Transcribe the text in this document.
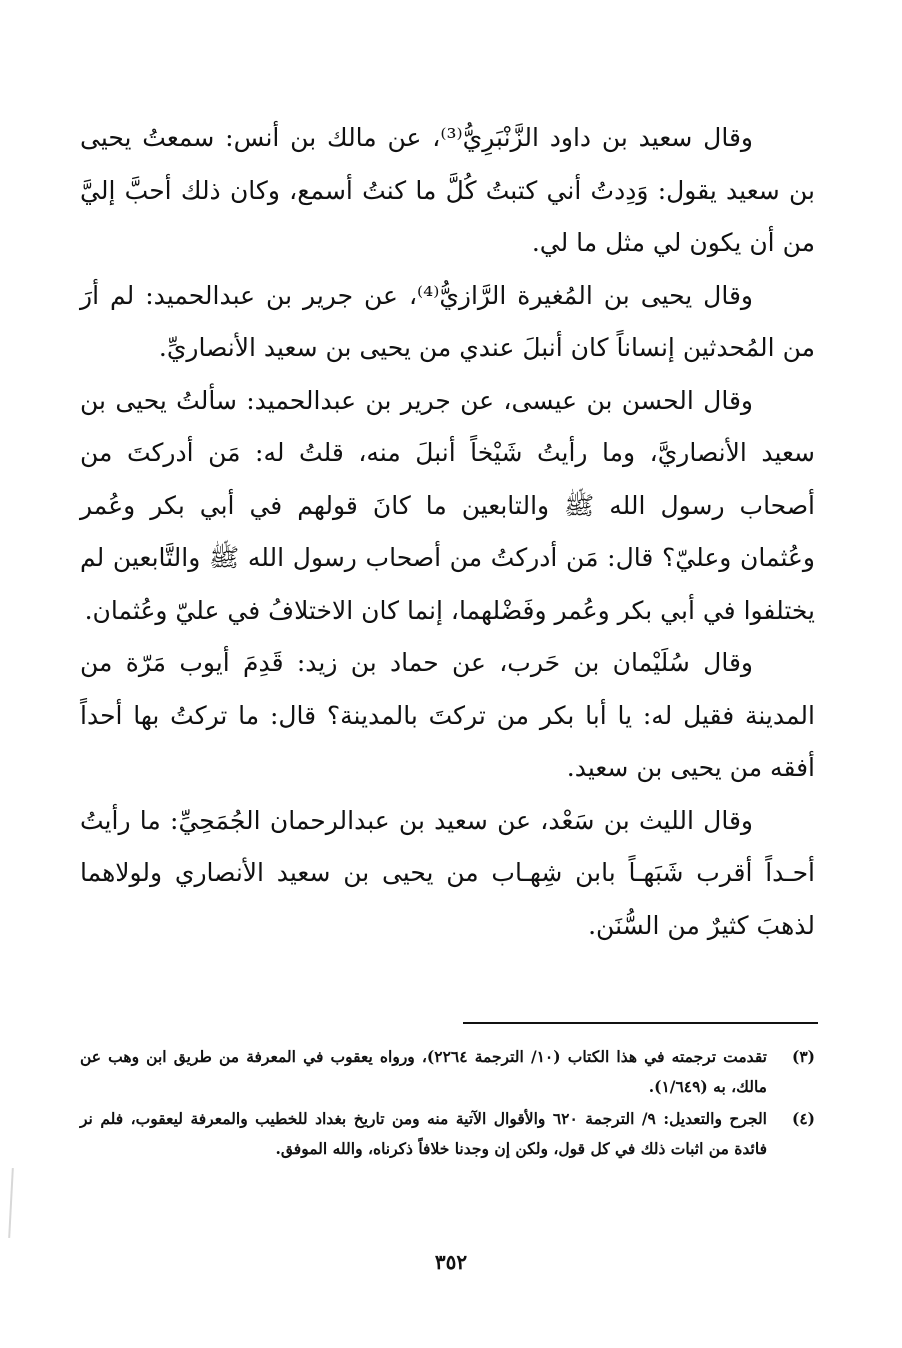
وقال سعيد بن داود الزَّنْبَرِيُّ⁽³⁾، عن مالك بن أنس: سمعتُ يحيى بن سعيد يقول: وَدِدتُ أني كتبتُ كُلَّ ما كنتُ أسمع، وكان ذلك أحبَّ إليَّ من أن يكون لي مثل ما لي.

وقال يحيى بن المُغيرة الرَّازيُّ⁽⁴⁾، عن جرير بن عبدالحميد: لم أرَ من المُحدثين إنساناً كان أنبلَ عندي من يحيى بن سعيد الأنصاريِّ.

وقال الحسن بن عيسى، عن جرير بن عبدالحميد: سألتُ يحيى بن سعيد الأنصاريَّ، وما رأيتُ شَيْخاً أنبلَ منه، قلتُ له: مَن أدركتَ من أصحاب رسول الله ﷺ والتابعين ما كانَ قولهم في أبي بكر وعُمر وعُثمان وعليّ؟ قال: مَن أدركتُ من أصحاب رسول الله ﷺ والتَّابعين لم يختلفوا في أبي بكر وعُمر وفَضْلهما، إنما كان الاختلافُ في عليّ وعُثمان.

وقال سُلَيْمان بن حَرب، عن حماد بن زيد: قَدِمَ أيوب مَرّة من المدينة فقيل له: يا أبا بكر من تركتَ بالمدينة؟ قال: ما تركتُ بها أحداً أفقه من يحيى بن سعيد.

وقال الليث بن سَعْد، عن سعيد بن عبدالرحمان الجُمَحِيِّ: ما رأيتُ أحـداً أقرب شَبَهـاً بابن شِهـاب من يحيى بن سعيد الأنصاري ولولاهما لذهبَ كثيرٌ من السُّنَن.

(٣)
تقدمت ترجمته في هذا الكتاب (١٠/ الترجمة ٢٢٦٤)، ورواه يعقوب في المعرفة من طريق ابن وهب عن مالك، به (١/٦٤٩).
(٤)
الجرح والتعديل: ٩/ الترجمة ٦٢٠ والأقوال الآتية منه ومن تاريخ بغداد للخطيب والمعرفة ليعقوب، فلم نر فائدة من اثبات ذلك في كل قول، ولكن إن وجدنا خلافاً ذكرناه، والله الموفق.
٣٥٢
